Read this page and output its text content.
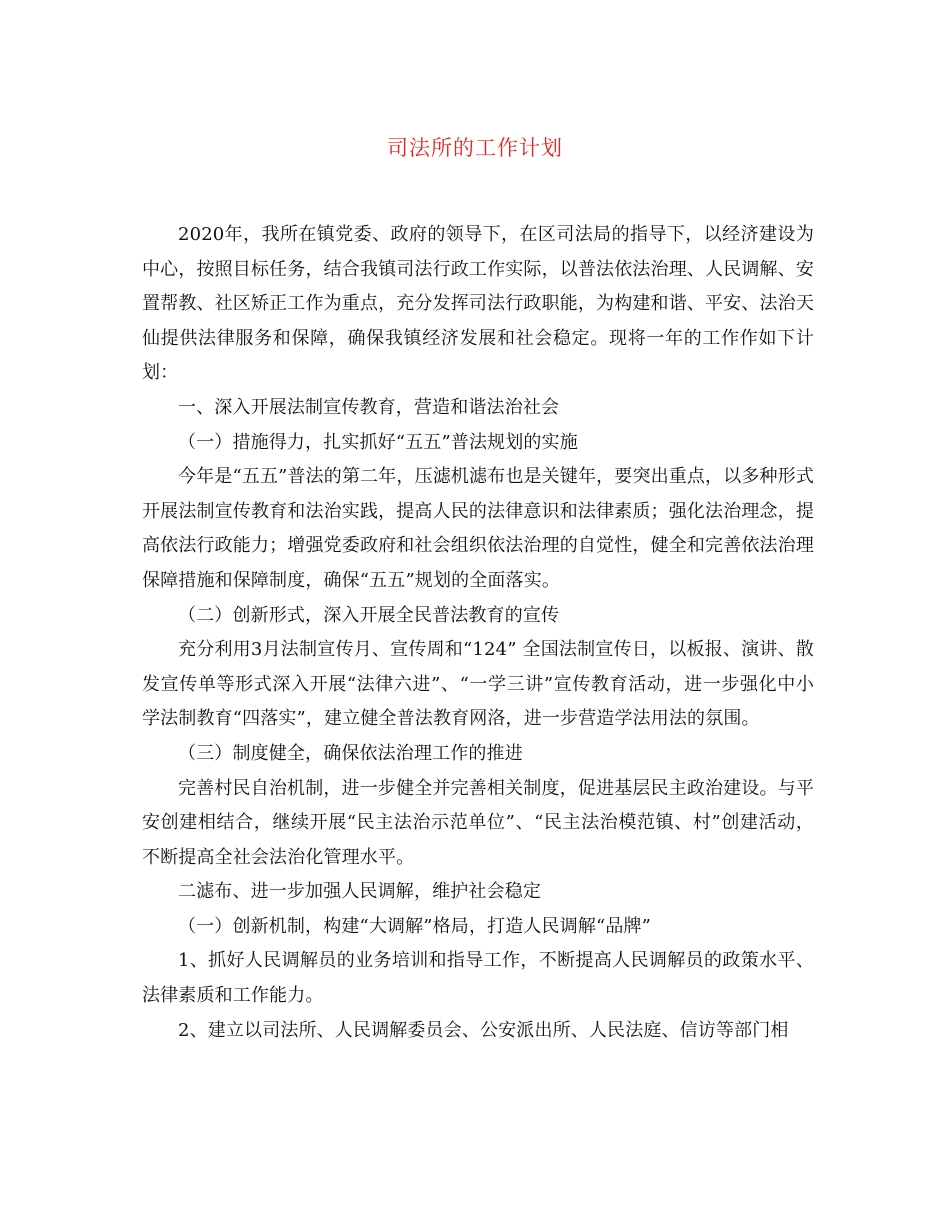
司法所的工作计划

2020年，我所在镇党委、政府的领导下，在区司法局的指导下，以经济建设为中心，按照目标任务，结合我镇司法行政工作实际，以普法依法治理、人民调解、安置帮教、社区矫正工作为重点，充分发挥司法行政职能，为构建和谐、平安、法治天仙提供法律服务和保障，确保我镇经济发展和社会稳定。现将一年的工作作如下计划：

一、深入开展法制宣传教育，营造和谐法治社会

（一）措施得力，扎实抓好“五五”普法规划的实施

今年是“五五”普法的第二年，压滤机滤布也是关键年，要突出重点，以多种形式开展法制宣传教育和法治实践，提高人民的法律意识和法律素质；强化法治理念，提高依法行政能力；增强党委政府和社会组织依法治理的自觉性，健全和完善依法治理保障措施和保障制度，确保“五五”规划的全面落实。

（二）创新形式，深入开展全民普法教育的宣传

充分利用3月法制宣传月、宣传周和“124” 全国法制宣传日，以板报、演讲、散发宣传单等形式深入开展“法律六进”、“一学三讲”宣传教育活动，进一步强化中小学法制教育“四落实”，建立健全普法教育网洛，进一步营造学法用法的氛围。

（三）制度健全，确保依法治理工作的推进

完善村民自治机制，进一步健全并完善相关制度，促进基层民主政治建设。与平安创建相结合，继续开展“民主法治示范单位”、“民主法治模范镇、村”创建活动，不断提高全社会法治化管理水平。

二滤布、进一步加强人民调解，维护社会稳定

（一）创新机制，构建“大调解”格局，打造人民调解“品牌”

1、抓好人民调解员的业务培训和指导工作，不断提高人民调解员的政策水平、法律素质和工作能力。

2、建立以司法所、人民调解委员会、公安派出所、人民法庭、信访等部门相
